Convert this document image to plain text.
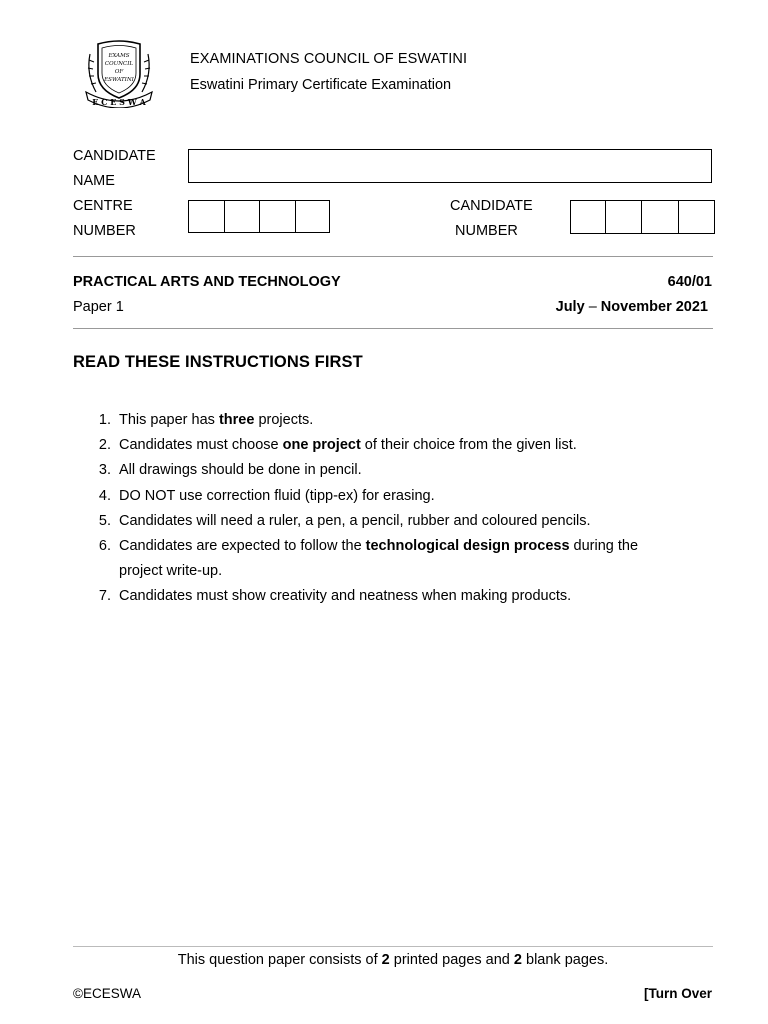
EXAMS
COUNCIL
OF
ESWATINI
E C E S W A
EXAMINATIONS COUNCIL OF ESWATINI
Eswatini Primary Certificate Examination
CANDIDATE
NAME
CENTRE
NUMBER
CANDIDATE
NUMBER
PRACTICAL ARTS AND TECHNOLOGY	640/01
Paper 1	July – November 2021
READ THESE INSTRUCTIONS FIRST
1. This paper has three projects.
2. Candidates must choose one project of their choice from the given list.
3. All drawings should be done in pencil.
4. DO NOT use correction fluid (tipp-ex) for erasing.
5. Candidates will need a ruler, a pen, a pencil, rubber and coloured pencils.
6. Candidates are expected to follow the technological design process during the project write-up.
7. Candidates must show creativity and neatness when making products.
This question paper consists of 2 printed pages and 2 blank pages.
©ECESWA	[Turn Over
